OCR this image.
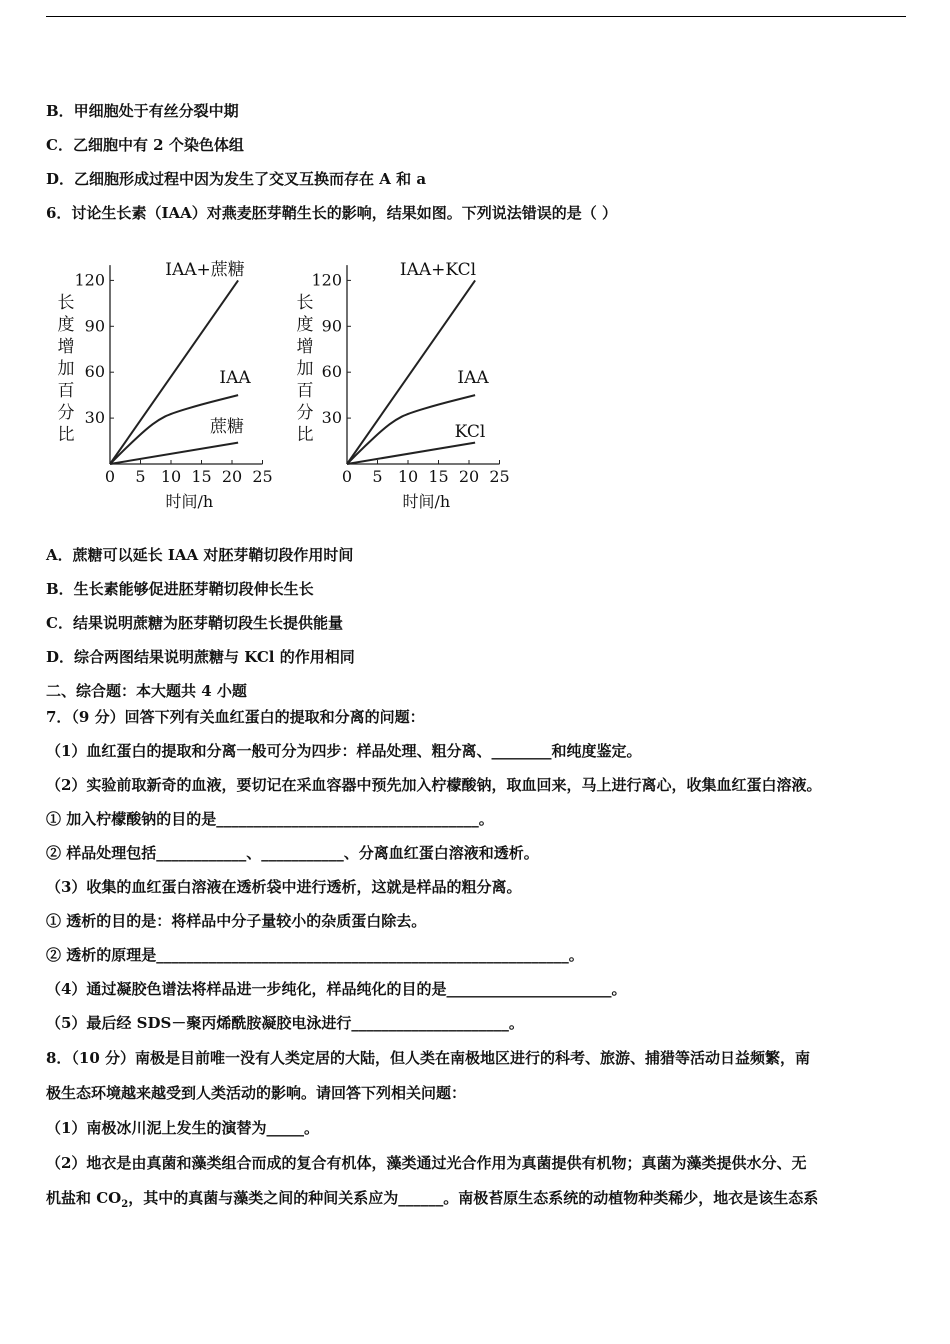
B．甲细胞处于有丝分裂中期
C．乙细胞中有 2 个染色体组
D．乙细胞形成过程中因为发生了交叉互换而存在 A 和 a
6．讨论生长素（IAA）对燕麦胚芽鞘生长的影响，结果如图。下列说法错误的是（ ）
0 5 10 15 20 25
30
60
90
120
时间/h
长
度
增
加
百
分
比
IAA+蔗糖
IAA
蔗糖
0 5 10 15 20 25
30
60
90
120
时间/h
长
度
增
加
百
分
比
IAA+KCl
IAA
KCl
A．蔗糖可以延长 IAA 对胚芽鞘切段作用时间
B．生长素能够促进胚芽鞘切段伸长生长
C．结果说明蔗糖为胚芽鞘切段生长提供能量
D．综合两图结果说明蔗糖与 KCl 的作用相同
二、综合题：本大题共 4 小题
7．（9 分）回答下列有关血红蛋白的提取和分离的问题：
（1）血红蛋白的提取和分离一般可分为四步：样品处理、粗分离、________和纯度鉴定。
（2）实验前取新奇的血液，要切记在采血容器中预先加入柠檬酸钠，取血回来，马上进行离心，收集血红蛋白溶液。
① 加入柠檬酸钠的目的是___________________________________。
② 样品处理包括____________、___________、分离血红蛋白溶液和透析。
（3）收集的血红蛋白溶液在透析袋中进行透析，这就是样品的粗分离。
① 透析的目的是：将样品中分子量较小的杂质蛋白除去。
② 透析的原理是_______________________________________________________。
（4）通过凝胶色谱法将样品进一步纯化，样品纯化的目的是______________________。
（5）最后经 SDS－聚丙烯酰胺凝胶电泳进行_____________________。
8．（10 分）南极是目前唯一没有人类定居的大陆，但人类在南极地区进行的科考、旅游、捕猎等活动日益频繁，南
极生态环境越来越受到人类活动的影响。请回答下列相关问题：
（1）南极冰川泥上发生的演替为_____。
（2）地衣是由真菌和藻类组合而成的复合有机体，藻类通过光合作用为真菌提供有机物；真菌为藻类提供水分、无
机盐和 $CO_2$，其中的真菌与藻类之间的种间关系应为______。南极苔原生态系统的动植物种类稀少，地衣是该生态系
